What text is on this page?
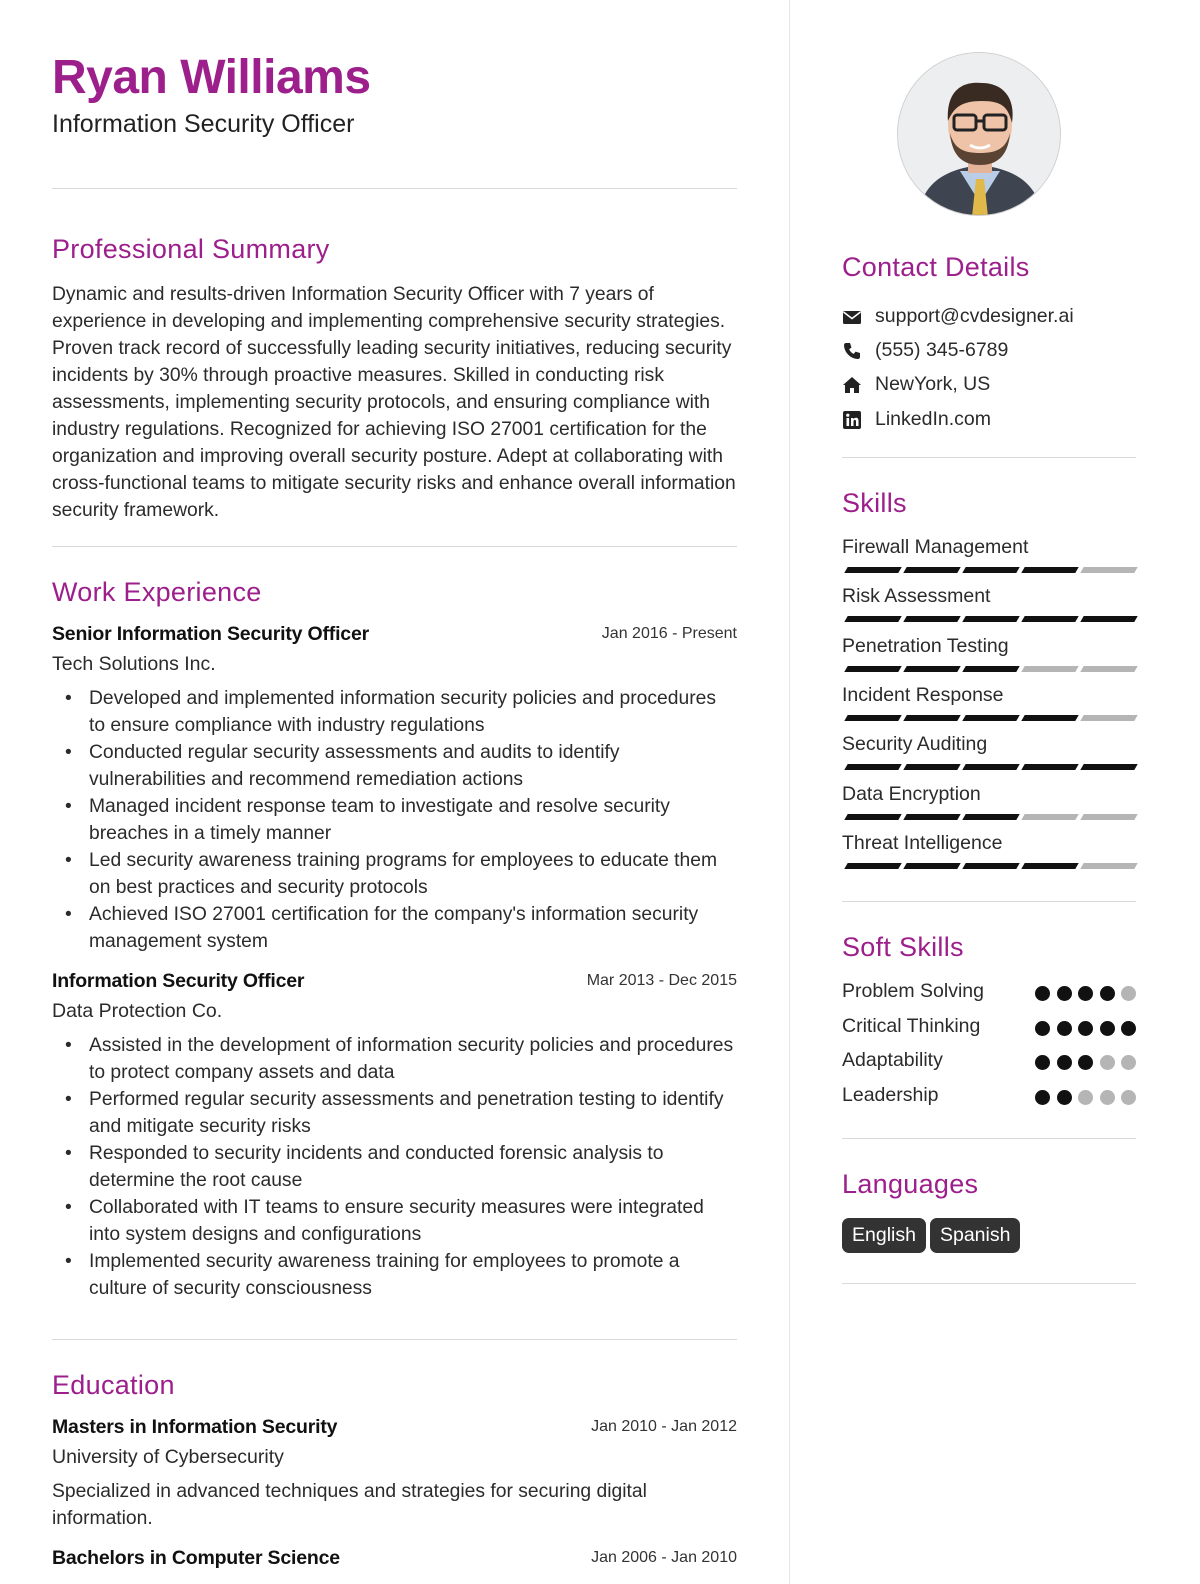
Ryan Williams
Information Security Officer
Professional Summary
Dynamic and results-driven Information Security Officer with 7 years of experience in developing and implementing comprehensive security strategies. Proven track record of successfully leading security initiatives, reducing security incidents by 30% through proactive measures. Skilled in conducting risk assessments, implementing security protocols, and ensuring compliance with industry regulations. Recognized for achieving ISO 27001 certification for the organization and improving overall security posture. Adept at collaborating with cross-functional teams to mitigate security risks and enhance overall information security framework.
Work Experience
Senior Information Security Officer	Jan 2016 - Present
Tech Solutions Inc.
• Developed and implemented information security policies and procedures to ensure compliance with industry regulations
• Conducted regular security assessments and audits to identify vulnerabilities and recommend remediation actions
• Managed incident response team to investigate and resolve security breaches in a timely manner
• Led security awareness training programs for employees to educate them on best practices and security protocols
• Achieved ISO 27001 certification for the company's information security management system
Information Security Officer	Mar 2013 - Dec 2015
Data Protection Co.
• Assisted in the development of information security policies and procedures to protect company assets and data
• Performed regular security assessments and penetration testing to identify and mitigate security risks
• Responded to security incidents and conducted forensic analysis to determine the root cause
• Collaborated with IT teams to ensure security measures were integrated into system designs and configurations
• Implemented security awareness training for employees to promote a culture of security consciousness
Education
Masters in Information Security	Jan 2010 - Jan 2012
University of Cybersecurity
Specialized in advanced techniques and strategies for securing digital information.
Bachelors in Computer Science	Jan 2006 - Jan 2010
Contact Details
support@cvdesigner.ai
(555) 345-6789
NewYork, US
LinkedIn.com
Skills
Firewall Management
Risk Assessment
Penetration Testing
Incident Response
Security Auditing
Data Encryption
Threat Intelligence
Soft Skills
Problem Solving
Critical Thinking
Adaptability
Leadership
Languages
English Spanish
